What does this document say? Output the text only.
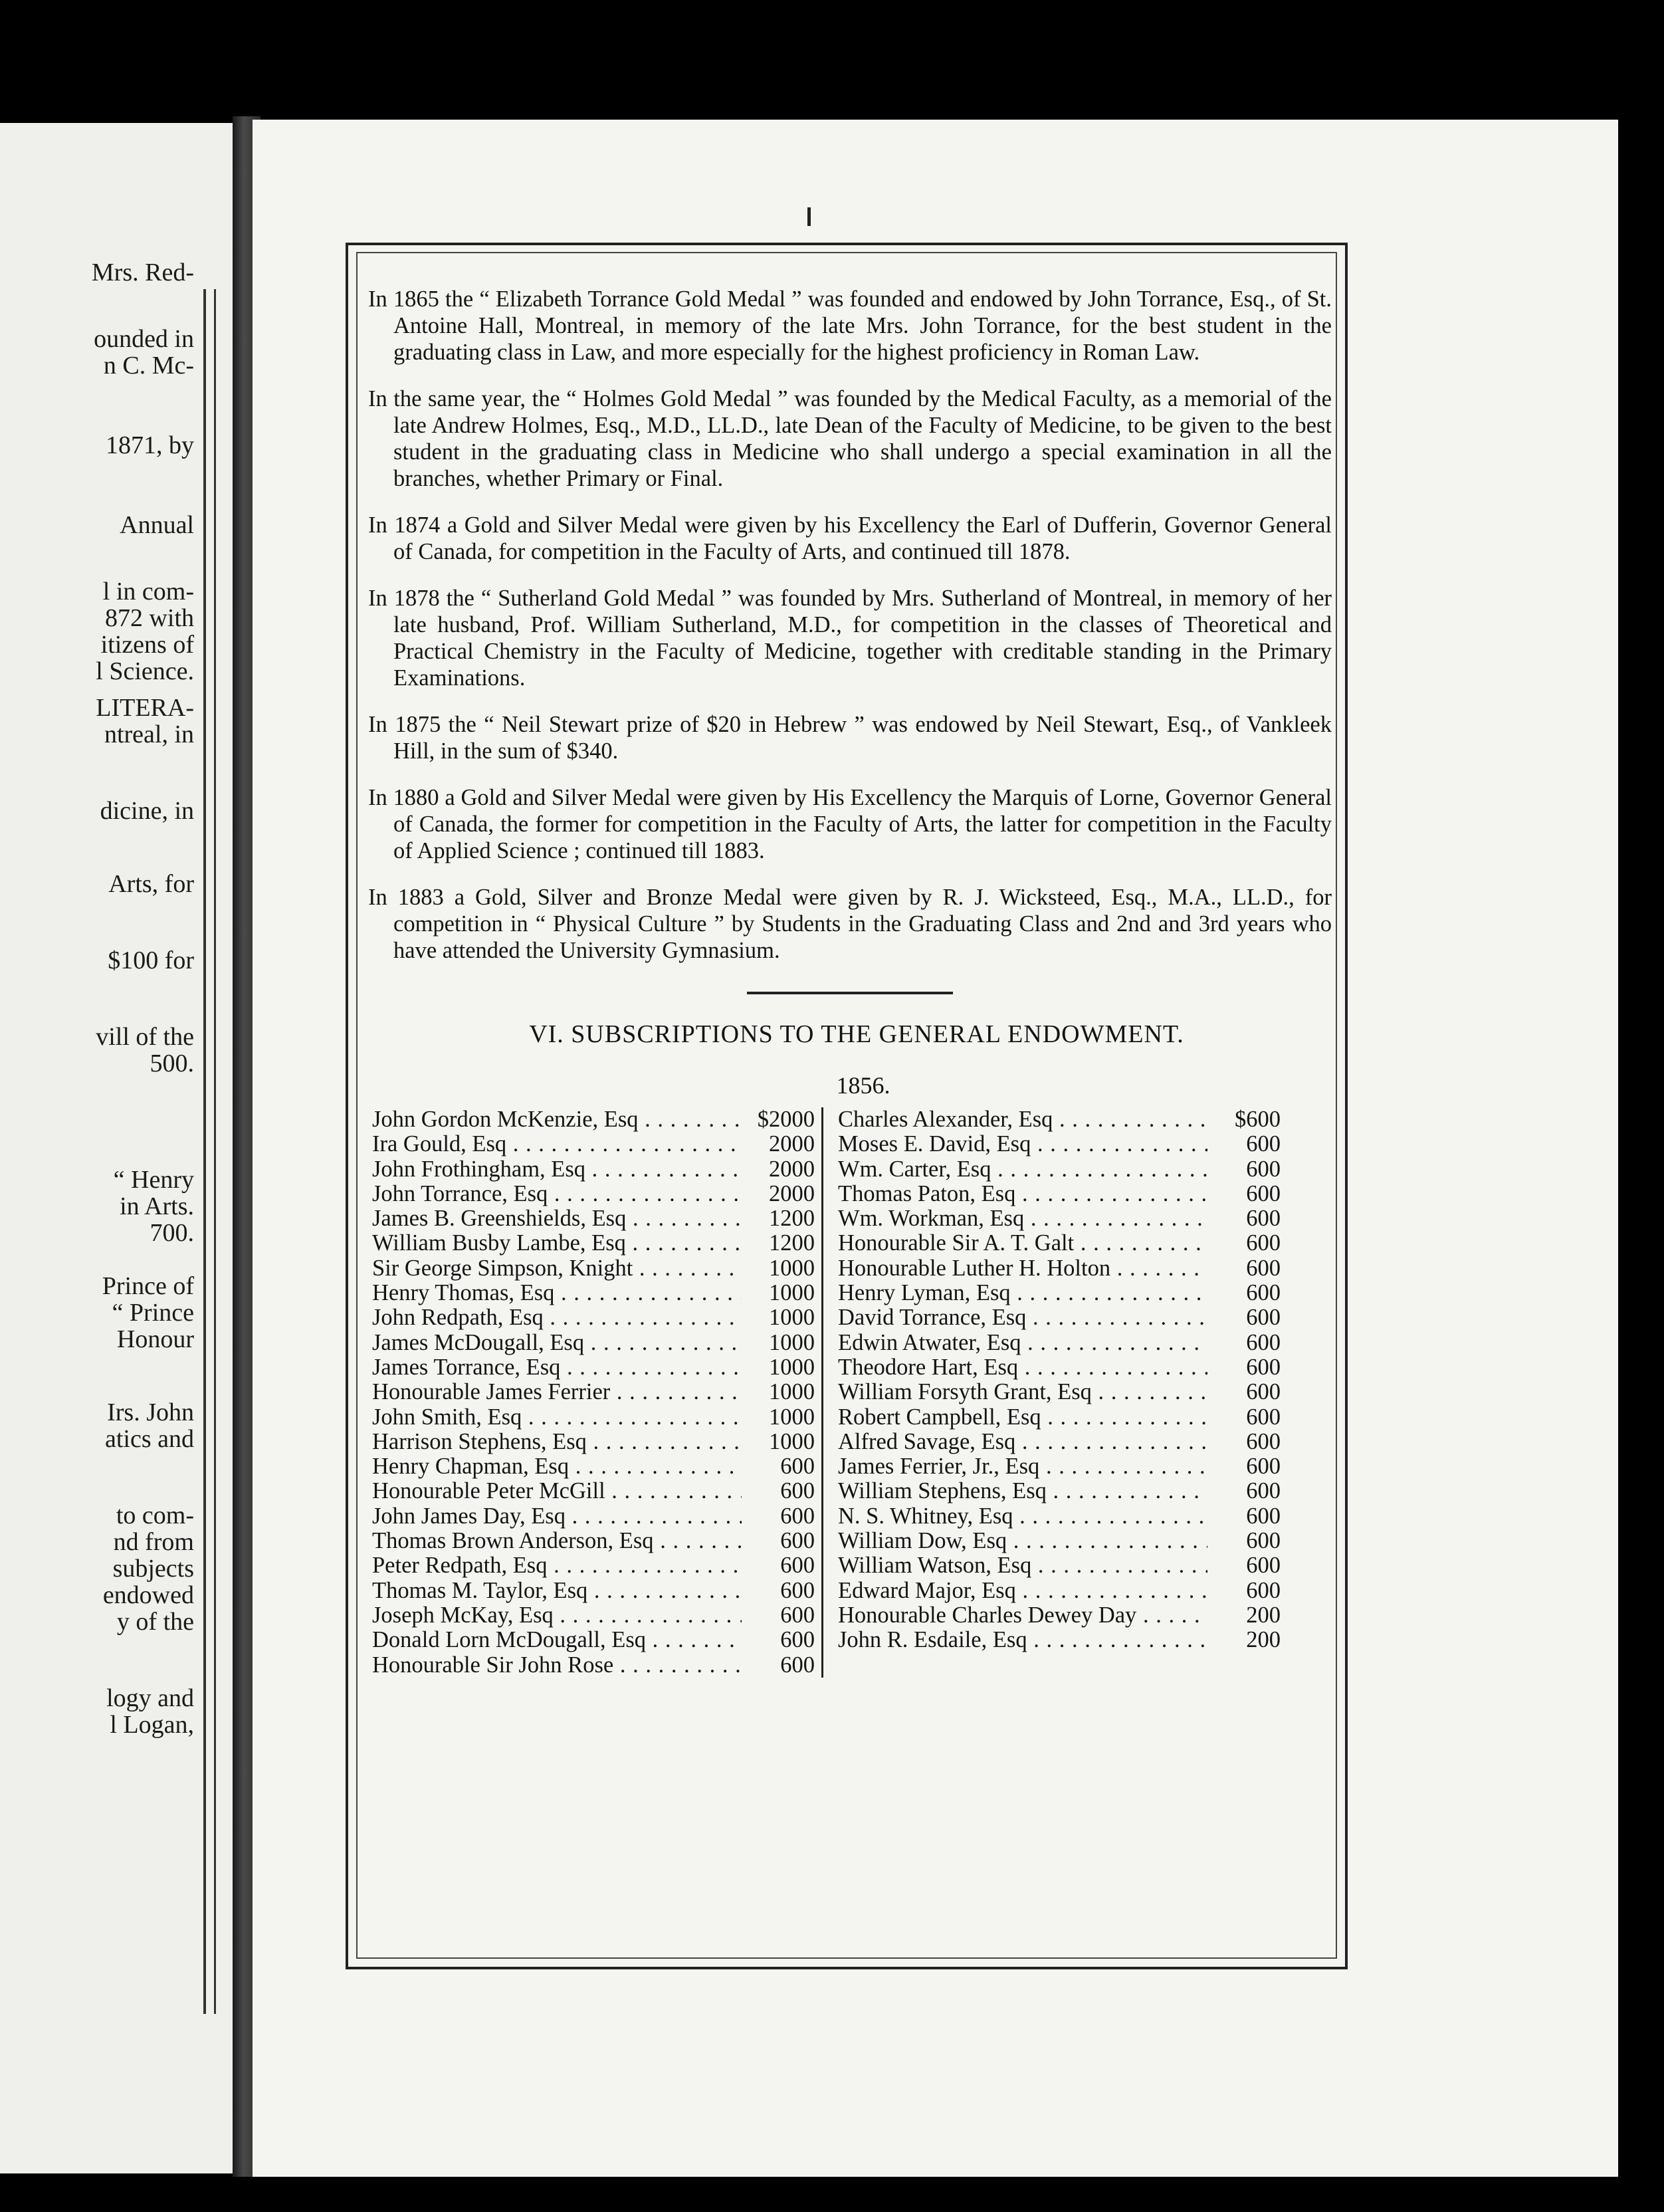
Mrs. Red-
ounded in
n C. Mc-
1871, by
Annual
l in com-
872 with
itizens of
l Science.
LITERA-
ntreal, in
dicine, in
Arts, for
$100 for
vill of the
500.
“ Henry
in Arts.
700.
Prince of
“ Prince
Honour
Irs. John
atics and
to com-
nd from
subjects
endowed
y of the
logy and
l Logan,

In 1865 the “ Elizabeth Torrance Gold Medal ” was founded and endowed by John Torrance, Esq., of St. Antoine Hall, Montreal, in memory of the late Mrs. John Torrance, for the best student in the graduating class in Law, and more especially for the highest proficiency in Roman Law.

In the same year, the “ Holmes Gold Medal ” was founded by the Medical Faculty, as a memorial of the late Andrew Holmes, Esq., M.D., LL.D., late Dean of the Faculty of Medicine, to be given to the best student in the graduating class in Medicine who shall undergo a special examination in all the branches, whether Primary or Final.

In 1874 a Gold and Silver Medal were given by his Excellency the Earl of Dufferin, Governor General of Canada, for competition in the Faculty of Arts, and continued till 1878.

In 1878 the “ Sutherland Gold Medal ” was founded by Mrs. Sutherland of Montreal, in memory of her late husband, Prof. William Sutherland, M.D., for competition in the classes of Theoretical and Practical Chemistry in the Faculty of Medicine, together with creditable standing in the Primary Examinations.

In 1875 the “ Neil Stewart prize of $20 in Hebrew ” was endowed by Neil Stewart, Esq., of Vankleek Hill, in the sum of $340.

In 1880 a Gold and Silver Medal were given by His Excellency the Marquis of Lorne, Governor General of Canada, the former for competition in the Faculty of Arts, the latter for competition in the Faculty of Applied Science ; continued till 1883.

In 1883 a Gold, Silver and Bronze Medal were given by R. J. Wicksteed, Esq., M.A., LL.D., for competition in “ Physical Culture ” by Students in the Graduating Class and 2nd and 3rd years who have attended the University Gymnasium.

VI. SUBSCRIPTIONS TO THE GENERAL ENDOWMENT.
1856.
John Gordon McKenzie, Esq . . .	$2000
Ira Gould, Esq . . .	2000
John Frothingham, Esq . . .	2000
John Torrance, Esq . . .	2000
James B. Greenshields, Esq . . .	1200
William Busby Lambe, Esq . . .	1200
Sir George Simpson, Knight . . .	1000
Henry Thomas, Esq . . .	1000
John Redpath, Esq . . .	1000
James McDougall, Esq . . .	1000
James Torrance, Esq . . .	1000
Honourable James Ferrier . . .	1000
John Smith, Esq . . .	1000
Harrison Stephens, Esq . . .	1000
Henry Chapman, Esq . . .	600
Honourable Peter McGill . . .	600
John James Day, Esq . . .	600
Thomas Brown Anderson, Esq . . .	600
Peter Redpath, Esq . . .	600
Thomas M. Taylor, Esq . . .	600
Joseph McKay, Esq . . .	600
Donald Lorn McDougall, Esq . . .	600
Honourable Sir John Rose . . .	600
Charles Alexander, Esq . . .	$600
Moses E. David, Esq . . .	600
Wm. Carter, Esq . . .	600
Thomas Paton, Esq . . .	600
Wm. Workman, Esq . . .	600
Honourable Sir A. T. Galt . . .	600
Honourable Luther H. Holton . . .	600
Henry Lyman, Esq . . .	600
David Torrance, Esq . . .	600
Edwin Atwater, Esq . . .	600
Theodore Hart, Esq . . .	600
William Forsyth Grant, Esq . . .	600
Robert Campbell, Esq . . .	600
Alfred Savage, Esq . . .	600
James Ferrier, Jr., Esq . . .	600
William Stephens, Esq . . .	600
N. S. Whitney, Esq . . .	600
William Dow, Esq . . .	600
William Watson, Esq . . .	600
Edward Major, Esq . . .	600
Honourable Charles Dewey Day . . .	200
John R. Esdaile, Esq . . .	200
